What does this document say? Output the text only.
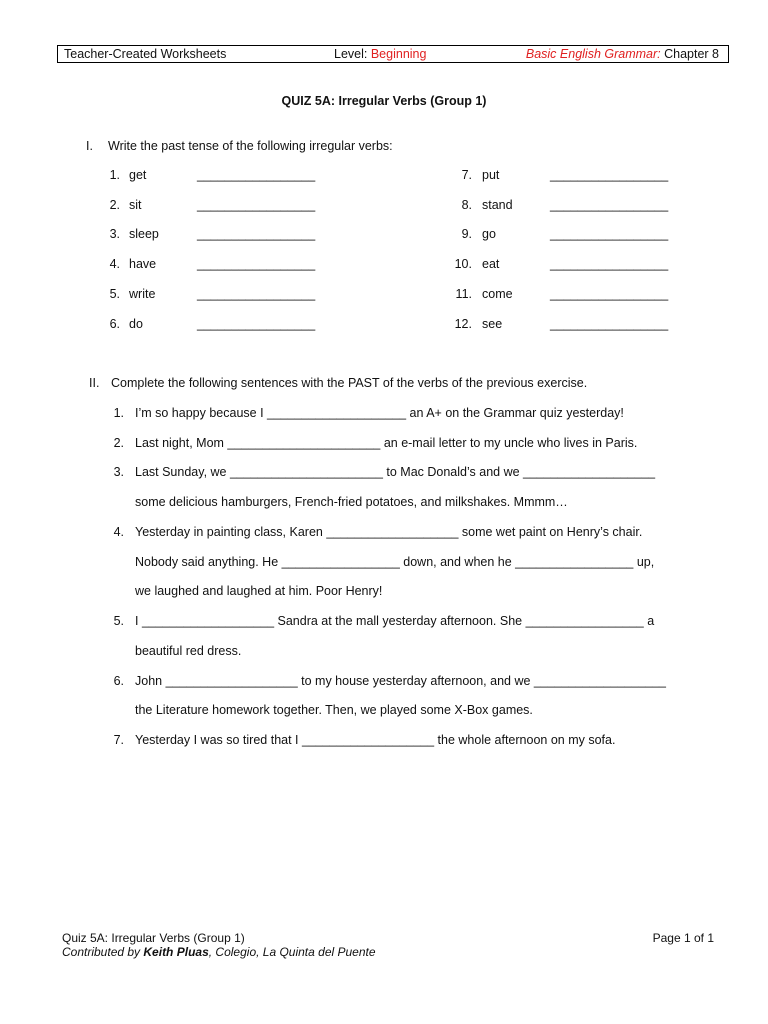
Teacher-Created Worksheets	Level: Beginning	Basic English Grammar: Chapter 8
QUIZ 5A: Irregular Verbs (Group 1)
I. Write the past tense of the following irregular verbs:
1. get	_________________
2. sit	_________________
3. sleep	_________________
4. have	_________________
5. write	_________________
6. do	_________________
7. put	_________________
8. stand	_________________
9. go	_________________
10. eat	_________________
11. come	_________________
12. see	_________________
II. Complete the following sentences with the PAST of the verbs of the previous exercise.
1. I’m so happy because I ____________________ an A+ on the Grammar quiz yesterday!
2. Last night, Mom ______________________ an e-mail letter to my uncle who lives in Paris.
3. Last Sunday, we ______________________ to Mac Donald’s and we ___________________
some delicious hamburgers, French-fried potatoes, and milkshakes. Mmmm…
4. Yesterday in painting class, Karen ___________________ some wet paint on Henry’s chair.
Nobody said anything. He _________________ down, and when he _________________ up,
we laughed and laughed at him. Poor Henry!
5. I ___________________ Sandra at the mall yesterday afternoon. She _________________ a
beautiful red dress.
6. John ___________________ to my house yesterday afternoon, and we ___________________
the Literature homework together. Then, we played some X-Box games.
7. Yesterday I was so tired that I ___________________ the whole afternoon on my sofa.
Quiz 5A: Irregular Verbs (Group 1)	Page 1 of 1
Contributed by Keith Pluas, Colegio, La Quinta del Puente
